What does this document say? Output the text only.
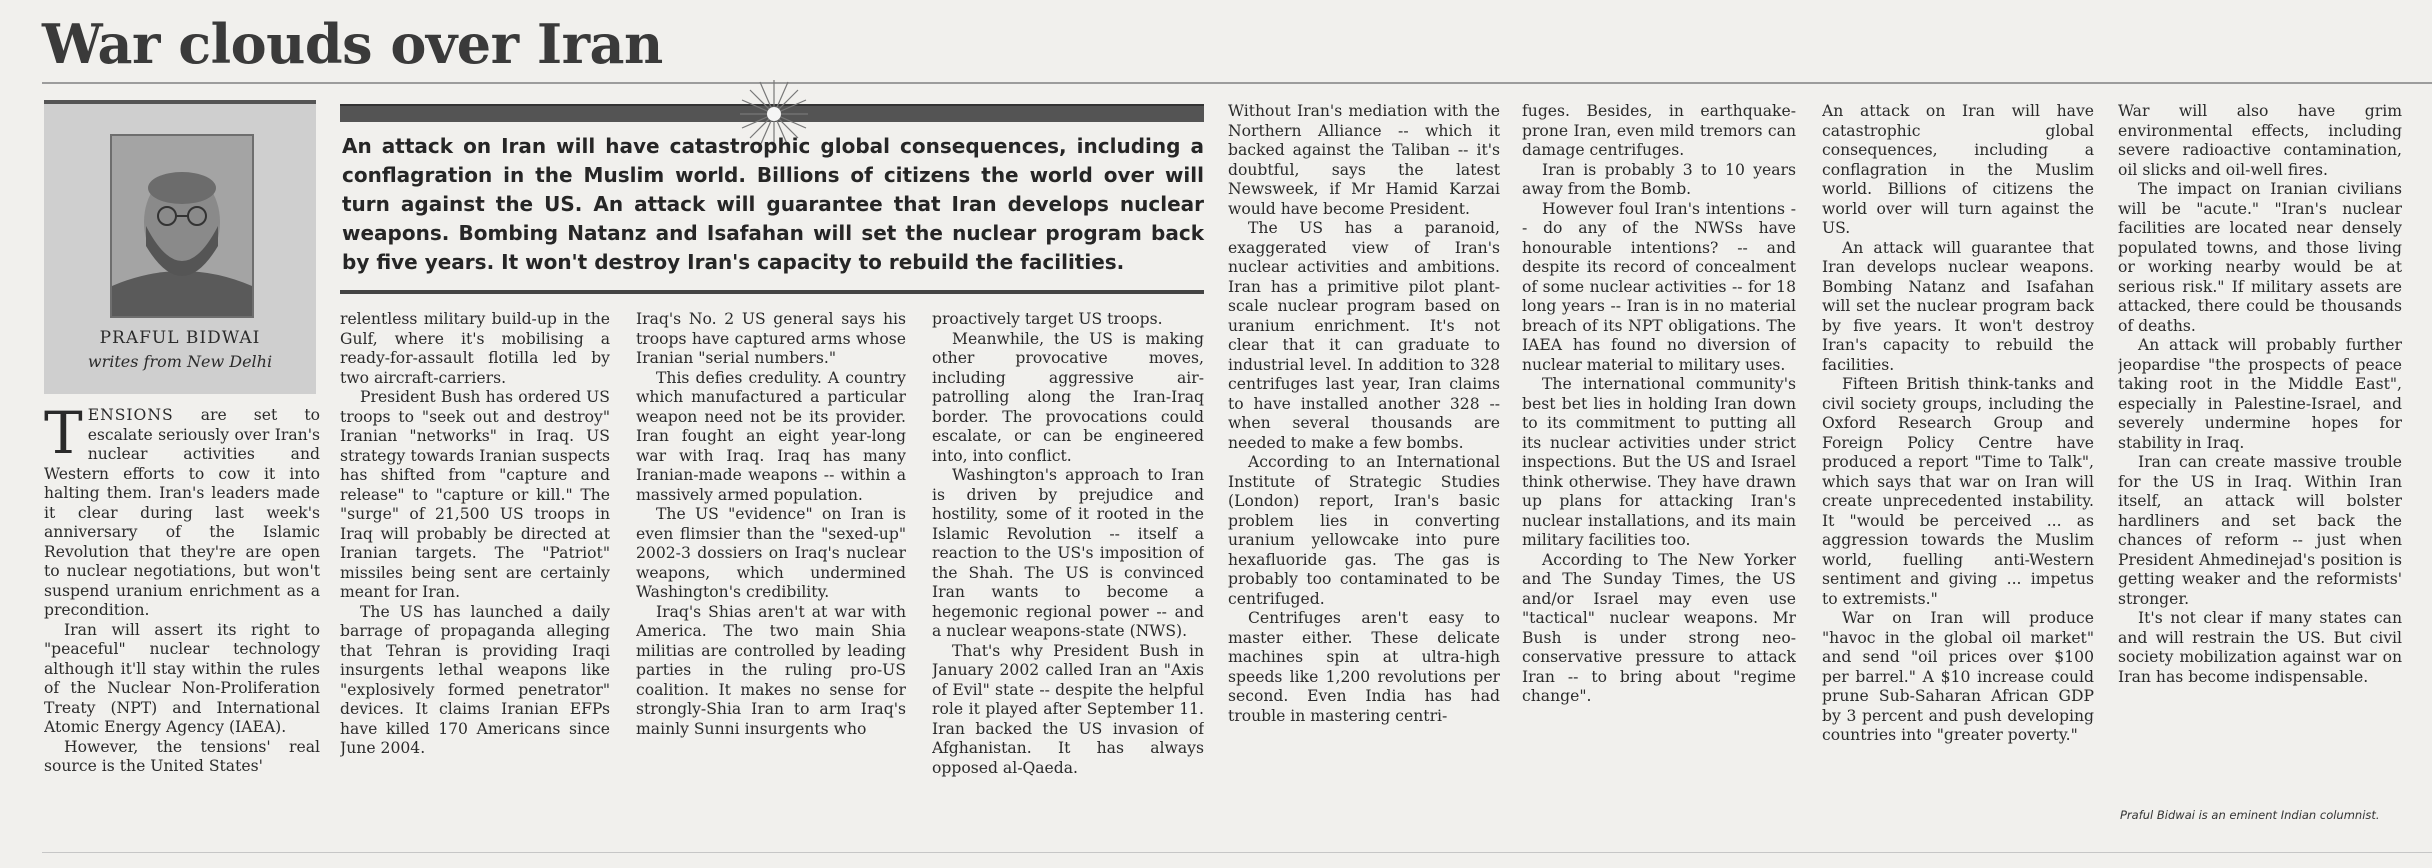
War clouds over Iran
PRAFUL BIDWAI
writes from New Delhi

An attack on Iran will have catastrophic global consequences, including a conflagration in the Muslim world. Billions of citizens the world over will turn against the US. An attack will guarantee that Iran develops nuclear weapons. Bombing Natanz and Isafahan will set the nuclear program back by five years. It won't destroy Iran's capacity to rebuild the facilities.

TENSIONS are set to escalate seriously over Iran's nuclear activities and Western efforts to cow it into halting them. Iran's leaders made it clear during last week's anniversary of the Islamic Revolution that they're are open to nuclear negotiations, but won't suspend uranium enrichment as a precondition.

Iran will assert its right to "peaceful" nuclear technology although it'll stay within the rules of the Nuclear Non-Proliferation Treaty (NPT) and International Atomic Energy Agency (IAEA).

However, the tensions' real source is the United States'

relentless military build-up in the Gulf, where it's mobilising a ready-for-assault flotilla led by two aircraft-carriers.

President Bush has ordered US troops to "seek out and destroy" Iranian "networks" in Iraq. US strategy towards Iranian suspects has shifted from "capture and release" to "capture or kill." The "surge" of 21,500 US troops in Iraq will probably be directed at Iranian targets. The "Patriot" missiles being sent are certainly meant for Iran.

The US has launched a daily barrage of propaganda alleging that Tehran is providing Iraqi insurgents lethal weapons like "explosively formed penetrator" devices. It claims Iranian EFPs have killed 170 Americans since June 2004.

Iraq's No. 2 US general says his troops have captured arms whose Iranian "serial numbers."

This defies credulity. A country which manufactured a particular weapon need not be its provider. Iran fought an eight year-long war with Iraq. Iraq has many Iranian-made weapons -- within a massively armed population.

The US "evidence" on Iran is even flimsier than the "sexed-up" 2002-3 dossiers on Iraq's nuclear weapons, which undermined Washington's credibility.

Iraq's Shias aren't at war with America. The two main Shia militias are controlled by leading parties in the ruling pro-US coalition. It makes no sense for strongly-Shia Iran to arm Iraq's mainly Sunni insurgents who

proactively target US troops.

Meanwhile, the US is making other provocative moves, including aggressive air-patrolling along the Iran-Iraq border. The provocations could escalate, or can be engineered into, into conflict.

Washington's approach to Iran is driven by prejudice and hostility, some of it rooted in the Islamic Revolution -- itself a reaction to the US's imposition of the Shah. The US is convinced Iran wants to become a hegemonic regional power -- and a nuclear weapons-state (NWS).

That's why President Bush in January 2002 called Iran an "Axis of Evil" state -- despite the helpful role it played after September 11. Iran backed the US invasion of Afghanistan. It has always opposed al-Qaeda.

Without Iran's mediation with the Northern Alliance -- which it backed against the Taliban -- it's doubtful, says the latest Newsweek, if Mr Hamid Karzai would have become President.

The US has a paranoid, exaggerated view of Iran's nuclear activities and ambitions. Iran has a primitive pilot plant-scale nuclear program based on uranium enrichment. It's not clear that it can graduate to industrial level. In addition to 328 centrifuges last year, Iran claims to have installed another 328 -- when several thousands are needed to make a few bombs.

According to an International Institute of Strategic Studies (London) report, Iran's basic problem lies in converting uranium yellowcake into pure hexafluoride gas. The gas is probably too contaminated to be centrifuged.

Centrifuges aren't easy to master either. These delicate machines spin at ultra-high speeds like 1,200 revolutions per second. Even India has had trouble in mastering centri-

fuges. Besides, in earthquake-prone Iran, even mild tremors can damage centrifuges.

Iran is probably 3 to 10 years away from the Bomb.

However foul Iran's intentions -- do any of the NWSs have honourable intentions? -- and despite its record of concealment of some nuclear activities -- for 18 long years -- Iran is in no material breach of its NPT obligations. The IAEA has found no diversion of nuclear material to military uses.

The international community's best bet lies in holding Iran down to its commitment to putting all its nuclear activities under strict inspections. But the US and Israel think otherwise. They have drawn up plans for attacking Iran's nuclear installations, and its main military facilities too.

According to The New Yorker and The Sunday Times, the US and/or Israel may even use "tactical" nuclear weapons. Mr Bush is under strong neo-conservative pressure to attack Iran -- to bring about "regime change".

An attack on Iran will have catastrophic global consequences, including a conflagration in the Muslim world. Billions of citizens the world over will turn against the US.

An attack will guarantee that Iran develops nuclear weapons. Bombing Natanz and Isafahan will set the nuclear program back by five years. It won't destroy Iran's capacity to rebuild the facilities.

Fifteen British think-tanks and civil society groups, including the Oxford Research Group and Foreign Policy Centre have produced a report "Time to Talk", which says that war on Iran will create unprecedented instability. It "would be perceived ... as aggression towards the Muslim world, fuelling anti-Western sentiment and giving ... impetus to extremists."

War on Iran will produce "havoc in the global oil market" and send "oil prices over $100 per barrel." A $10 increase could prune Sub-Saharan African GDP by 3 percent and push developing countries into "greater poverty."

War will also have grim environmental effects, including severe radioactive contamination, oil slicks and oil-well fires.

The impact on Iranian civilians will be "acute." "Iran's nuclear facilities are located near densely populated towns, and those living or working nearby would be at serious risk." If military assets are attacked, there could be thousands of deaths.

An attack will probably further jeopardise "the prospects of peace taking root in the Middle East", especially in Palestine-Israel, and severely undermine hopes for stability in Iraq.

Iran can create massive trouble for the US in Iraq. Within Iran itself, an attack will bolster hardliners and set back the chances of reform -- just when President Ahmedinejad's position is getting weaker and the reformists' stronger.

It's not clear if many states can and will restrain the US. But civil society mobilization against war on Iran has become indispensable.

Praful Bidwai is an eminent Indian columnist.
